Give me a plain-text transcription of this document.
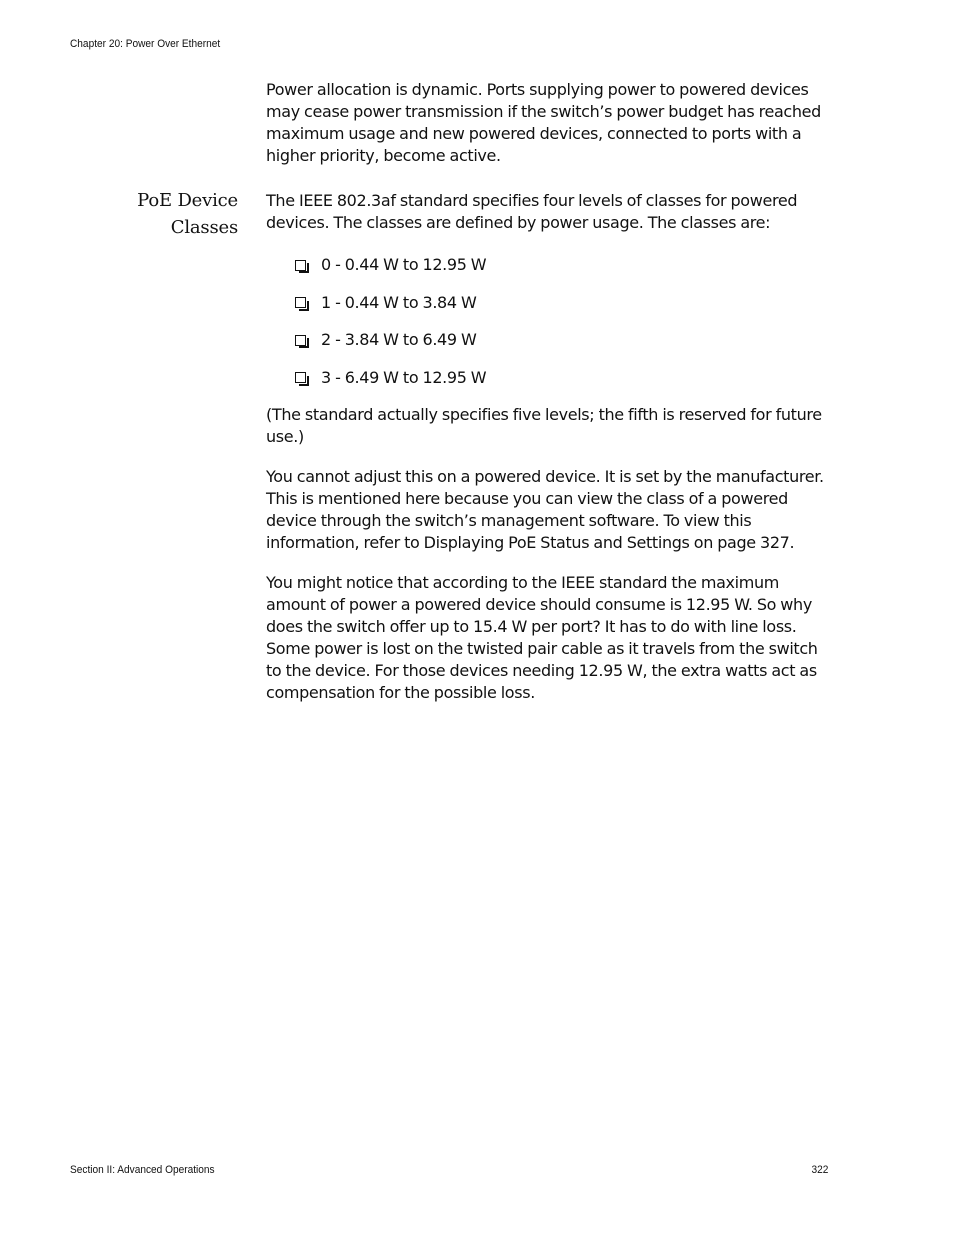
Chapter 20: Power Over Ethernet

Power allocation is dynamic. Ports supplying power to powered devices may cease power transmission if the switch’s power budget has reached maximum usage and new powered devices, connected to ports with a higher priority, become active.

PoE Device
Classes

The IEEE 802.3af standard specifies four levels of classes for powered devices. The classes are defined by power usage. The classes are:

0 - 0.44 W to 12.95 W
1 - 0.44 W to 3.84 W
2 - 3.84 W to 6.49 W
3 - 6.49 W to 12.95 W

(The standard actually specifies five levels; the fifth is reserved for future use.)

You cannot adjust this on a powered device. It is set by the manufacturer. This is mentioned here because you can view the class of a powered device through the switch’s management software. To view this information, refer to Displaying PoE Status and Settings on page 327.

You might notice that according to the IEEE standard the maximum amount of power a powered device should consume is 12.95 W. So why does the switch offer up to 15.4 W per port? It has to do with line loss. Some power is lost on the twisted pair cable as it travels from the switch to the device. For those devices needing 12.95 W, the extra watts act as compensation for the possible loss.

Section II: Advanced Operations	322
